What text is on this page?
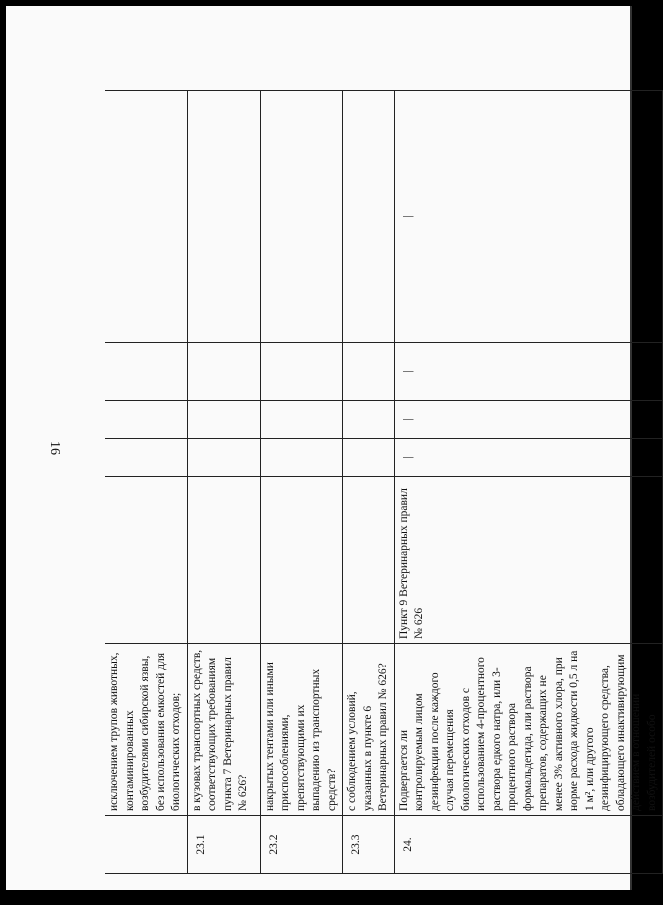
16
	исключением трупов животных, контаминированных возбудителями сибирской язвы, без использования емкостей для биологических отходов;					
23.1	в кузовах транспортных средств, соответствующих требованиям пункта 7 Ветеринарных правил № 626?					
23.2	накрытых тентами или иными приспособлениями, препятствующими их выпадению из транспортных средств?					
23.3	с соблюдением условий, указанных в пункте 6 Ветеринарных правил № 626?					
24.	Подвергается ли контролируемым лицом дезинфекции после каждого случая перемещения биологических отходов с использованием 4-процентного раствора едкого натра, или 3-процентного раствора формальдегида, или раствора препаратов, содержащих не менее 3% активного хлора, при норме расхода жидкости 0,5 л на 1 м², или другого дезинфицирующего средства, обладающего инактивирующим действием в отношении возбудителей особо	Пункт 9 Ветеринарных правил № 626	|	|	|	|
